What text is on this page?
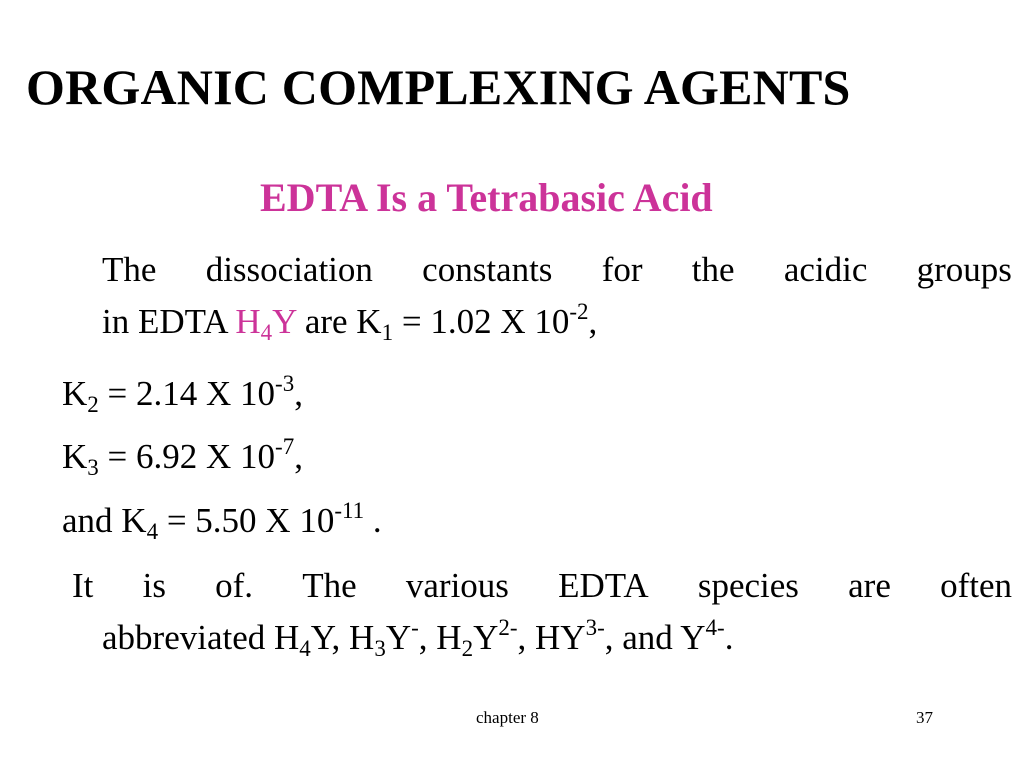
ORGANIC COMPLEXING AGENTS
EDTA Is a Tetrabasic Acid
The dissociation constants for the acidic groups
in EDTA $H_4Y$ are $K_1 = 1.02$ X $10^{-2}$,
$K_2 = 2.14$ X $10^{-3}$,
$K_3 = 6.92$ X $10^{-7}$,
and $K_4 = 5.50$ X $10^{-11}$ .
It is of. The various EDTA species are often
abbreviated $H_4Y$, $H_3Y^-$, $H_2Y^{2-}$, $HY^{3-}$, and $Y^{4-}$.
chapter 8	37
